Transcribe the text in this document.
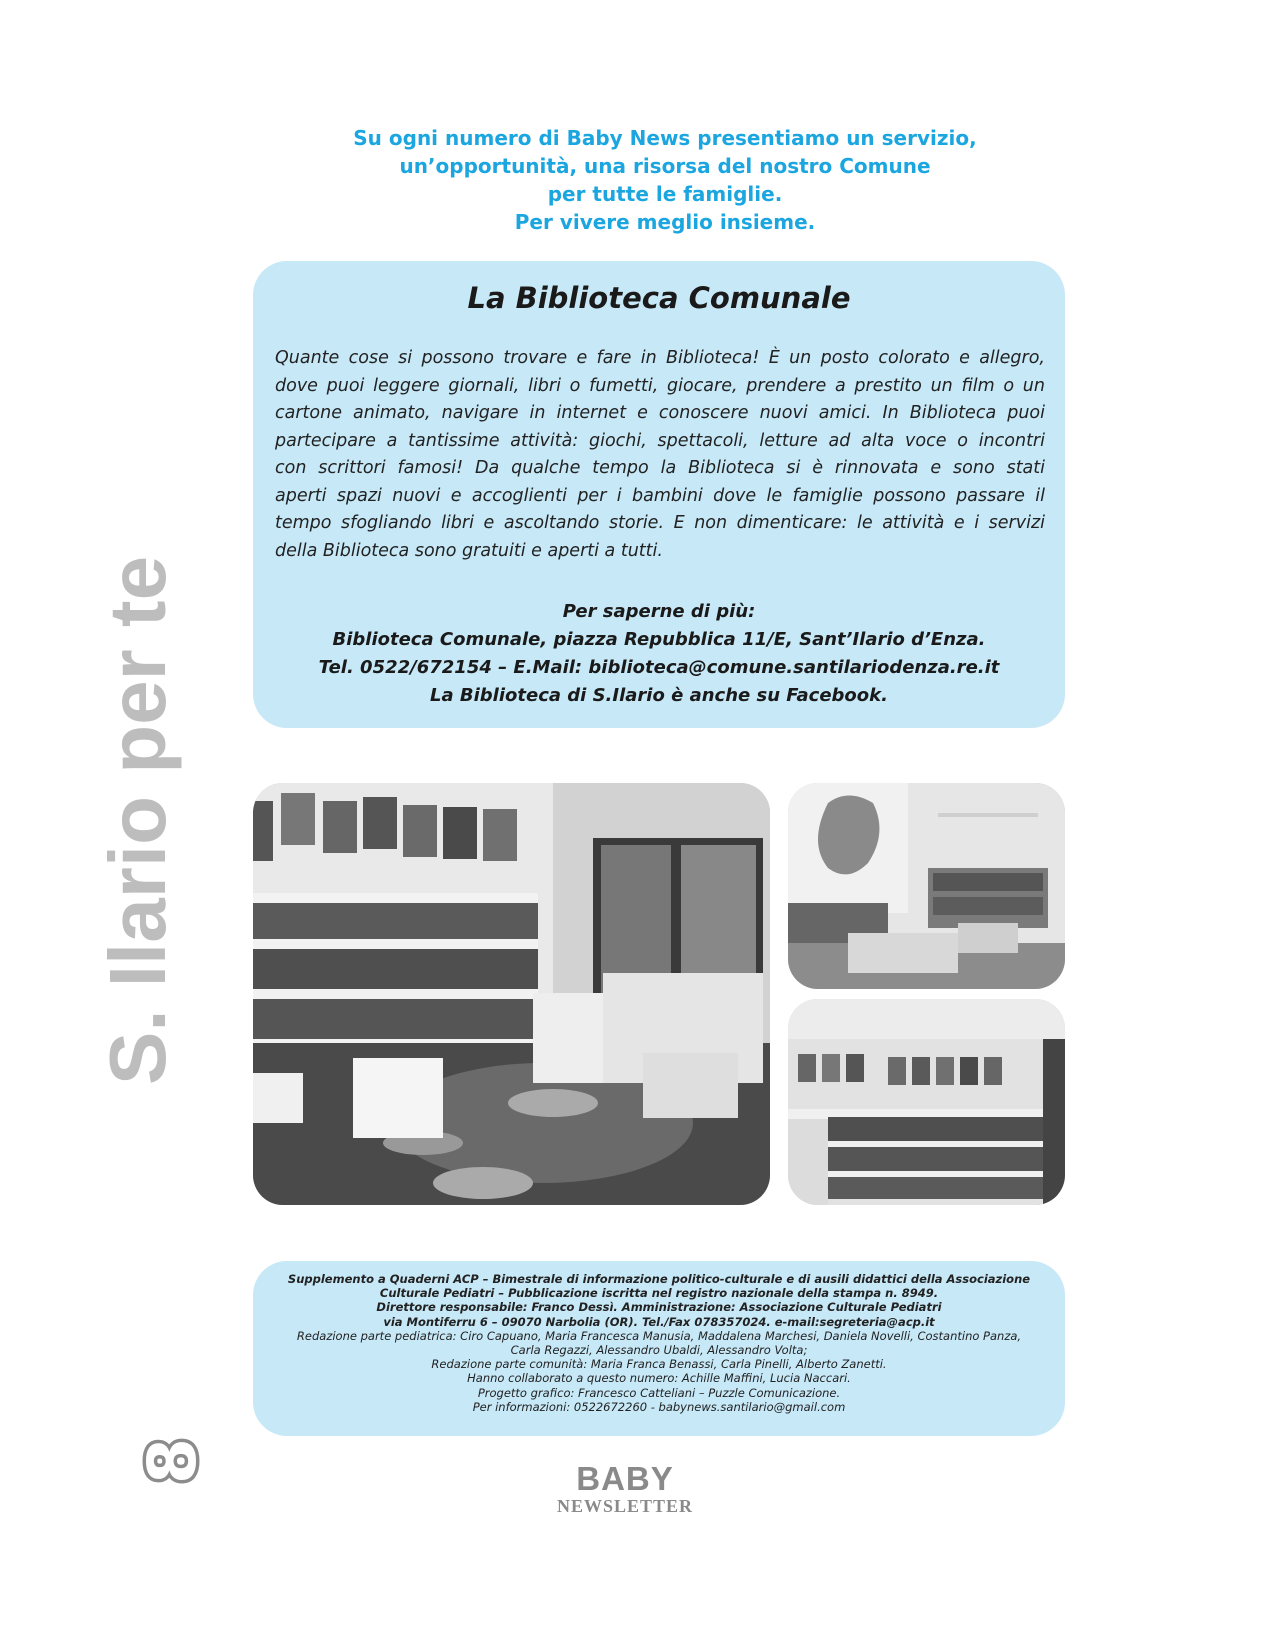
Su ogni numero di Baby News presentiamo un servizio,
un’opportunità, una risorsa del nostro Comune
per tutte le famiglie.
Per vivere meglio insieme.
La Biblioteca Comunale
Quante cose si possono trovare e fare in Biblioteca! È un posto colorato e allegro,
dove puoi leggere giornali, libri o fumetti, giocare, prendere a prestito un film o un
cartone animato, navigare in internet e conoscere nuovi amici. In Biblioteca puoi
partecipare a tantissime attività: giochi, spettacoli, letture ad alta voce o incontri
con scrittori famosi! Da qualche tempo la Biblioteca si è rinnovata e sono stati
aperti spazi nuovi e accoglienti per i bambini dove le famiglie possono passare il
tempo sfogliando libri e ascoltando storie. E non dimenticare: le attività e i servizi
della Biblioteca sono gratuiti e aperti a tutti.
Per saperne di più:
Biblioteca Comunale, piazza Repubblica 11/E, Sant’Ilario d’Enza.
Tel. 0522/672154 – E.Mail: biblioteca@comune.santilariodenza.re.it
La Biblioteca di S.Ilario è anche su Facebook.
S. Ilario per te
Supplemento a Quaderni ACP – Bimestrale di informazione politico-culturale e di ausili didattici della Associazione
Culturale Pediatri – Pubblicazione iscritta nel registro nazionale della stampa n. 8949.
Direttore responsabile: Franco Dessì. Amministrazione: Associazione Culturale Pediatri
via Montiferru 6 – 09070 Narbolia (OR). Tel./Fax 078357024. e-mail:segreteria@acp.it
Redazione parte pediatrica: Ciro Capuano, Maria Francesca Manusia, Maddalena Marchesi, Daniela Novelli, Costantino Panza,
Carla Regazzi, Alessandro Ubaldi, Alessandro Volta;
Redazione parte comunità: Maria Franca Benassi, Carla Pinelli, Alberto Zanetti.
Hanno collaborato a questo numero: Achille Maffini, Lucia Naccari.
Progetto grafico: Francesco Catteliani – Puzzle Comunicazione.
Per informazioni: 0522672260 - babynews.santilario@gmail.com
8	BABY
NEWSLETTER
